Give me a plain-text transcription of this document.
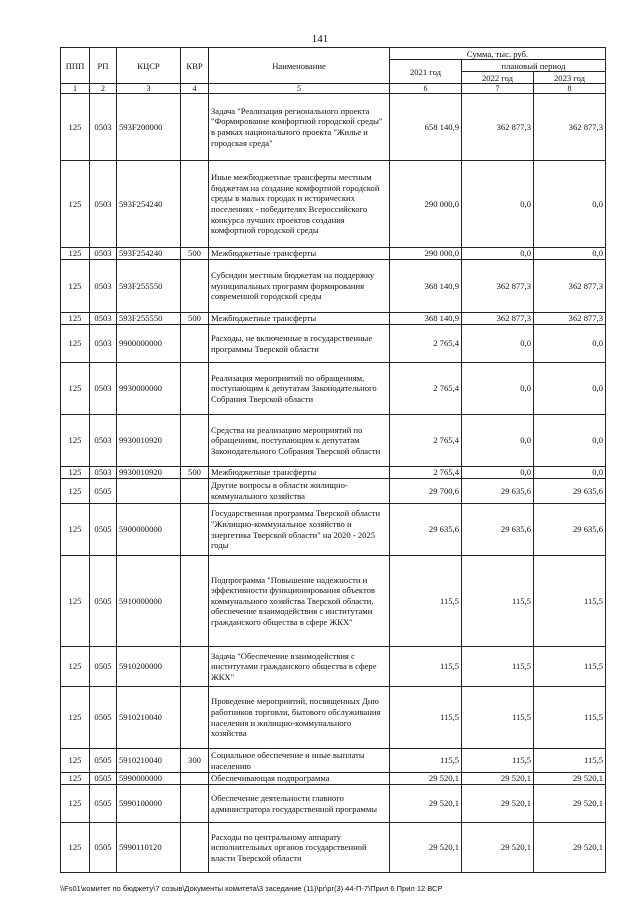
141
ППП	РП	КЦСР	КВР	Наименование	Сумма, тыс. руб.		
					2021 год	плановый период	
						2022 год	2023 год
1	2	3	4	5	6	7	8
125	0503	593F200000		Задача "Реализация регионального проекта "Формирование комфортной городской среды" в рамках национального проекта "Жилье и городская среда"	658 140,9	362 877,3	362 877,3
125	0503	593F254240		Иные межбюджетные трансферты местным бюджетам на создание комфортной городской среды в малых городах и исторических поселениях - победителях Всероссийского конкурса лучших проектов создания комфортной городской среды	290 000,0	0,0	0,0
125	0503	593F254240	500	Межбюджетные трансферты	290 000,0	0,0	0,0
125	0503	593F255550		Субсидии местным бюджетам на поддержку муниципальных программ формирования современной городской среды	368 140,9	362 877,3	362 877,3
125	0503	593F255550	500	Межбюджетные трансферты	368 140,9	362 877,3	362 877,3
125	0503	9900000000		Расходы, не включенные в государственные программы Тверской области	2 765,4	0,0	0,0
125	0503	9930000000		Реализация мероприятий по обращениям, поступающим к депутатам Законодательного Собрания Тверской области	2 765,4	0,0	0,0
125	0503	9930010920		Средства на реализацию мероприятий по обращениям, поступающим к депутатам Законодательного Собрания Тверской области	2 765,4	0,0	0,0
125	0503	9930010920	500	Межбюджетные трансферты	2 765,4	0,0	0,0
125	0505			Другие вопросы в области жилищно-коммунального хозяйства	29 700,6	29 635,6	29 635,6
125	0505	5900000000		Государственная программа Тверской области "Жилищно-коммунальное хозяйство и энергетика Тверской области" на 2020 - 2025 годы	29 635,6	29 635,6	29 635,6
125	0505	5910000000		Подпрограмма "Повышение надежности и эффективности функционирования объектов коммунального хозяйства Тверской области, обеспечение взаимодействия с институтами гражданского общества в сфере ЖКХ"	115,5	115,5	115,5
125	0505	5910200000		Задача "Обеспечение взаимодействия с институтами гражданского общества в сфере ЖКХ"	115,5	115,5	115,5
125	0505	5910210040		Проведение мероприятий, посвященных Дню работников торговли, бытового обслуживания населения и жилищно-коммунального хозяйства	115,5	115,5	115,5
125	0505	5910210040	300	Социальное обеспечение и иные выплаты населению	115,5	115,5	115,5
125	0505	5990000000		Обеспечивающая подпрограмма	29 520,1	29 520,1	29 520,1
125	0505	5990100000		Обеспечение деятельности главного администратора государственной программы	29 520,1	29 520,1	29 520,1
125	0505	5990110120		Расходы по центральному аппарату исполнительных органов государственной власти Тверской области	29 520,1	29 520,1	29 520,1
\\Fs01\комитет по бюджету\7 созыв\Документы комитета\3 заседание (11)\pr\pr(3) 44-П-7\Прил 6 Прил 12 ВСР
